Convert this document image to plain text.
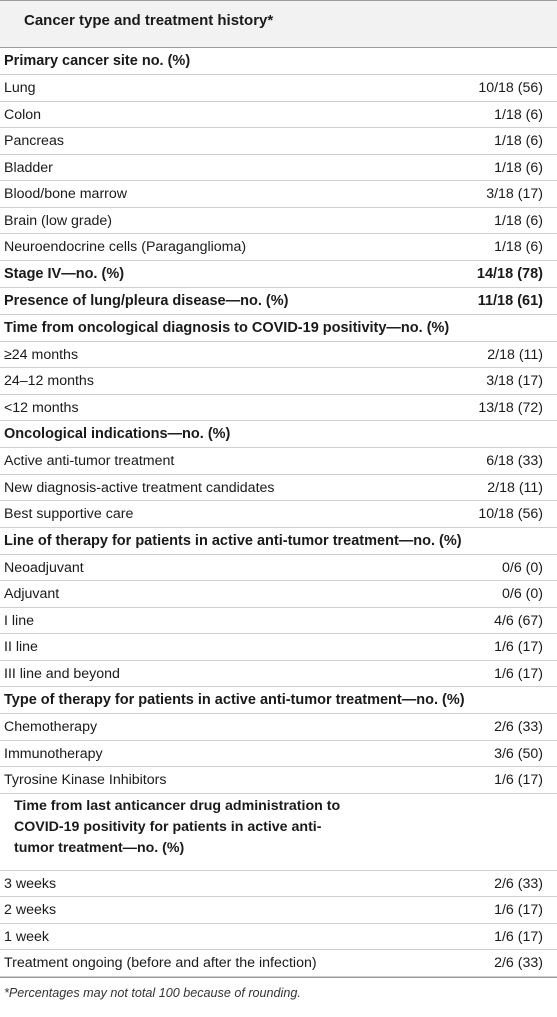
Cancer type and treatment history*
Primary cancer site no. (%)
Lung	10/18 (56)
Colon	1/18 (6)
Pancreas	1/18 (6)
Bladder	1/18 (6)
Blood/bone marrow	3/18 (17)
Brain (low grade)	1/18 (6)
Neuroendocrine cells (Paraganglioma)	1/18 (6)
Stage IV—no. (%)	14/18 (78)
Presence of lung/pleura disease—no. (%)	11/18 (61)
Time from oncological diagnosis to COVID-19 positivity—no. (%)
≥24 months	2/18 (11)
24–12 months	3/18 (17)
<12 months	13/18 (72)
Oncological indications—no. (%)
Active anti-tumor treatment	6/18 (33)
New diagnosis-active treatment candidates	2/18 (11)
Best supportive care	10/18 (56)
Line of therapy for patients in active anti-tumor treatment—no. (%)
Neoadjuvant	0/6 (0)
Adjuvant	0/6 (0)
I line	4/6 (67)
II line	1/6 (17)
III line and beyond	1/6 (17)
Type of therapy for patients in active anti-tumor treatment—no. (%)
Chemotherapy	2/6 (33)
Immunotherapy	3/6 (50)
Tyrosine Kinase Inhibitors	1/6 (17)
Time from last anticancer drug administration to COVID-19 positivity for patients in active anti-tumor treatment—no. (%)
3 weeks	2/6 (33)
2 weeks	1/6 (17)
1 week	1/6 (17)
Treatment ongoing (before and after the infection)	2/6 (33)
*Percentages may not total 100 because of rounding.
